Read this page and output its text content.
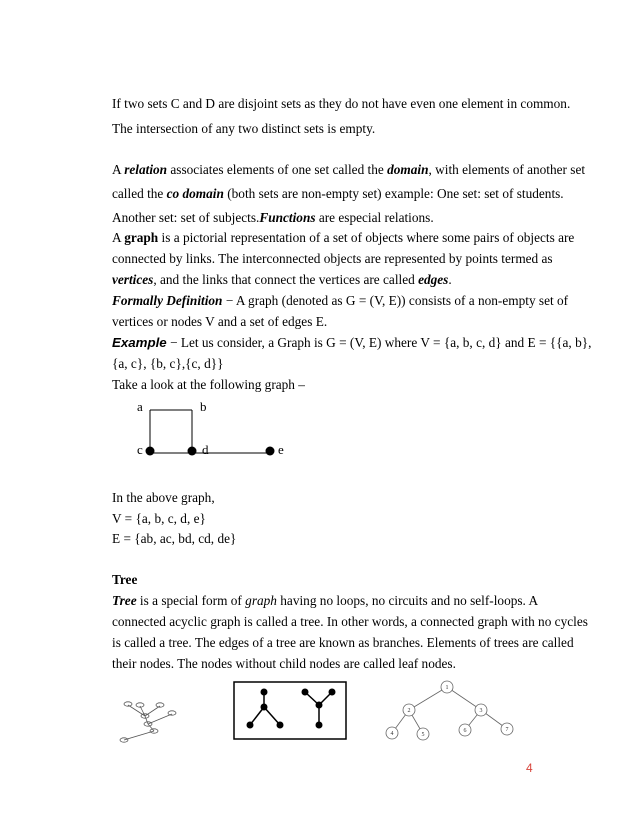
If two sets C and D are disjoint sets as they do not have even one element in common.
The intersection of any two distinct sets is empty.
A relation associates elements of one set called the domain, with elements of another set
called the co domain (both sets are non-empty set) example: One set: set of students.
Another set: set of subjects.Functions are especial relations.
A graph is a pictorial representation of a set of objects where some pairs of objects are
connected by links. The interconnected objects are represented by points termed as
vertices, and the links that connect the vertices are called edges.
Formally Definition − A graph (denoted as G = (V, E)) consists of a non-empty set of
vertices or nodes V and a set of edges E.
Example − Let us consider, a Graph is G = (V, E) where V = {a, b, c, d} and E = {{a, b},
{a, c}, {b, c},{c, d}}
Take a look at the following graph –
a	b
c	d	e
In the above graph,
V = {a, b, c, d, e}
E = {ab, ac, bd, cd, de}
Tree
Tree is a special form of graph having no loops, no circuits and no self-loops. A
connected acyclic graph is called a tree. In other words, a connected graph with no cycles
is called a tree. The edges of a tree are known as branches. Elements of trees are called
their nodes. The nodes without child nodes are called leaf nodes.
1
2	3
4	5
6	7
4
